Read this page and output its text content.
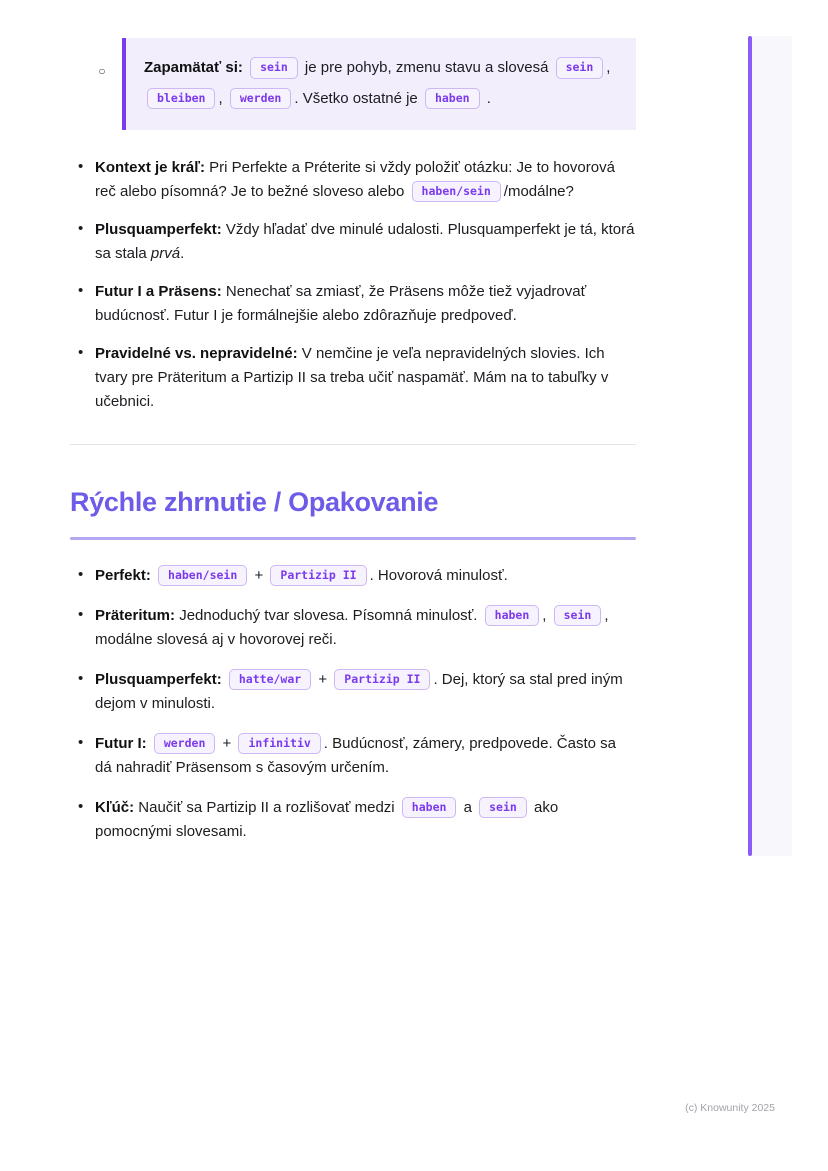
○	Zapamätať si: sein je pre pohyb, zmenu stavu a slovesá sein , bleiben , werden . Všetko ostatné je haben .
• Kontext je kráľ: Pri Perfekte a Préterite si vždy položiť otázku: Je to hovorová reč alebo písomná? Je to bežné sloveso alebo haben/sein /modálne?
• Plusquamperfekt: Vždy hľadať dve minulé udalosti. Plusquamperfekt je tá, ktorá sa stala prvá.
• Futur I a Präsens: Nenechať sa zmiasť, že Präsens môže tiež vyjadrovať budúcnosť. Futur I je formálnejšie alebo zdôrazňuje predpoveď.
• Pravidelné vs. nepravidelné: V nemčine je veľa nepravidelných slovies. Ich tvary pre Präteritum a Partizip II sa treba učiť naspamäť. Mám na to tabuľky v učebnici.
Rýchle zhrnutie / Opakovanie
• Perfekt: haben/sein + Partizip II . Hovorová minulosť.
• Präteritum: Jednoduchý tvar slovesa. Písomná minulosť. haben , sein , modálne slovesá aj v hovorovej reči.
• Plusquamperfekt: hatte/war + Partizip II . Dej, ktorý sa stal pred iným dejom v minulosti.
• Futur I: werden + infinitiv . Budúcnosť, zámery, predpovede. Často sa dá nahradiť Präsensom s časovým určením.
• Kľúč: Naučiť sa Partizip II a rozlišovať medzi haben a sein ako pomocnými slovesami.
(c) Knowunity 2025
